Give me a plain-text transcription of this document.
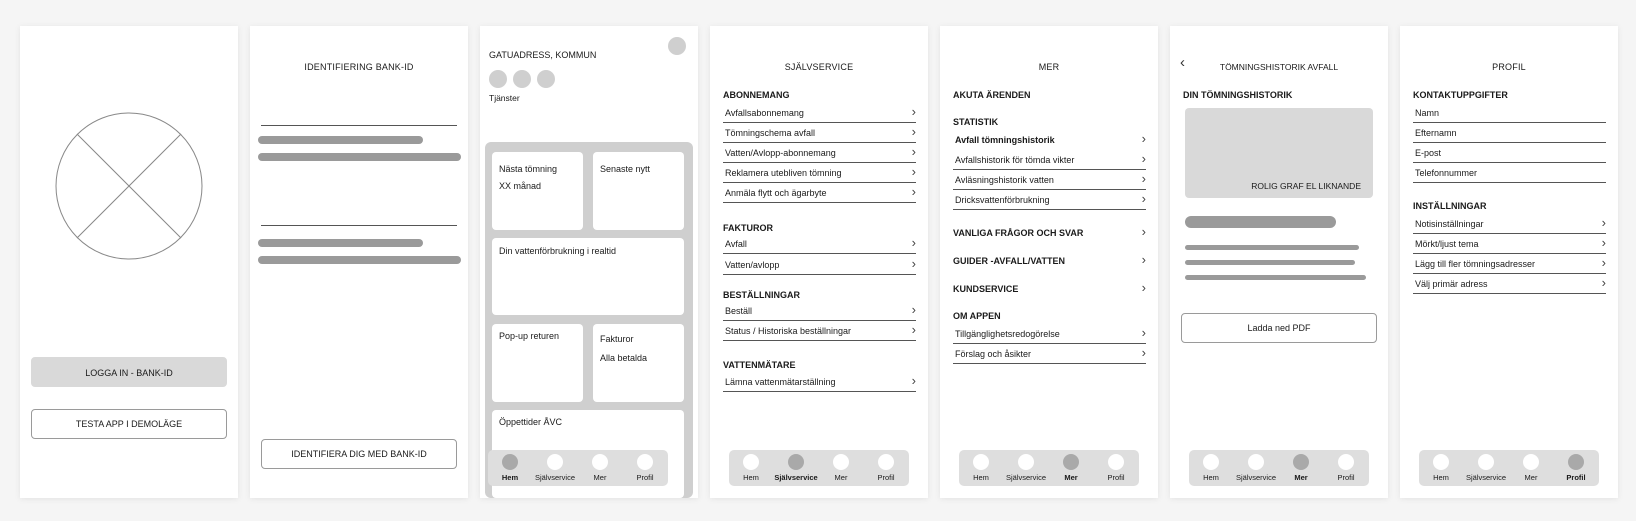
LOGGA IN - BANK-ID
TESTA APP I DEMOLÄGE
IDENTIFIERING BANK-ID
IDENTIFIERA DIG MED BANK-ID
GATUADRESS, KOMMUN
Tjänster
Nästa tömning
XX månad
Senaste nytt
Din vattenförbrukning i realtid
Pop-up returen	Fakturor
Alla betalda
Öppettider ÅVC
Hem	Självservice	Mer	Profil
SJÄLVSERVICE
ABONNEMANG
Avfallsabonnemang	›
Tömningschema avfall	›
Vatten/Avlopp-abonnemang	›
Reklamera utebliven tömning	›
Anmäla flytt och ägarbyte	›
FAKTUROR
Avfall	›
Vatten/avlopp	›
BESTÄLLNINGAR
Beställ	›
Status / Historiska beställningar	›
VATTENMÄTARE
Lämna vattenmätarställning	›
Hem	Självservice	Mer	Profil
MER
AKUTA ÄRENDEN
STATISTIK
Avfall tömningshistorik	›
Avfallshistorik för tömda vikter	›
Avläsningshistorik vatten	›
Dricksvattenförbrukning	›
VANLIGA FRÅGOR OCH SVAR	›
GUIDER -AVFALL/VATTEN	›
KUNDSERVICE	›
OM APPEN
Tillgänglighetsredogörelse	›
Förslag och åsikter	›
Hem	Självservice	Mer	Profil
‹	TÖMNINGSHISTORIK AVFALL
DIN TÖMNINGSHISTORIK
ROLIG GRAF EL LIKNANDE
Ladda ned PDF
Hem	Självservice	Mer	Profil
PROFIL
KONTAKTUPPGIFTER
Namn
Efternamn
E-post
Telefonnummer
INSTÄLLNINGAR
Notisinställningar	›
Mörkt/ljust tema	›
Lägg till fler tömningsadresser	›
Välj primär adress	›
Hem	Självservice	Mer	Profil
